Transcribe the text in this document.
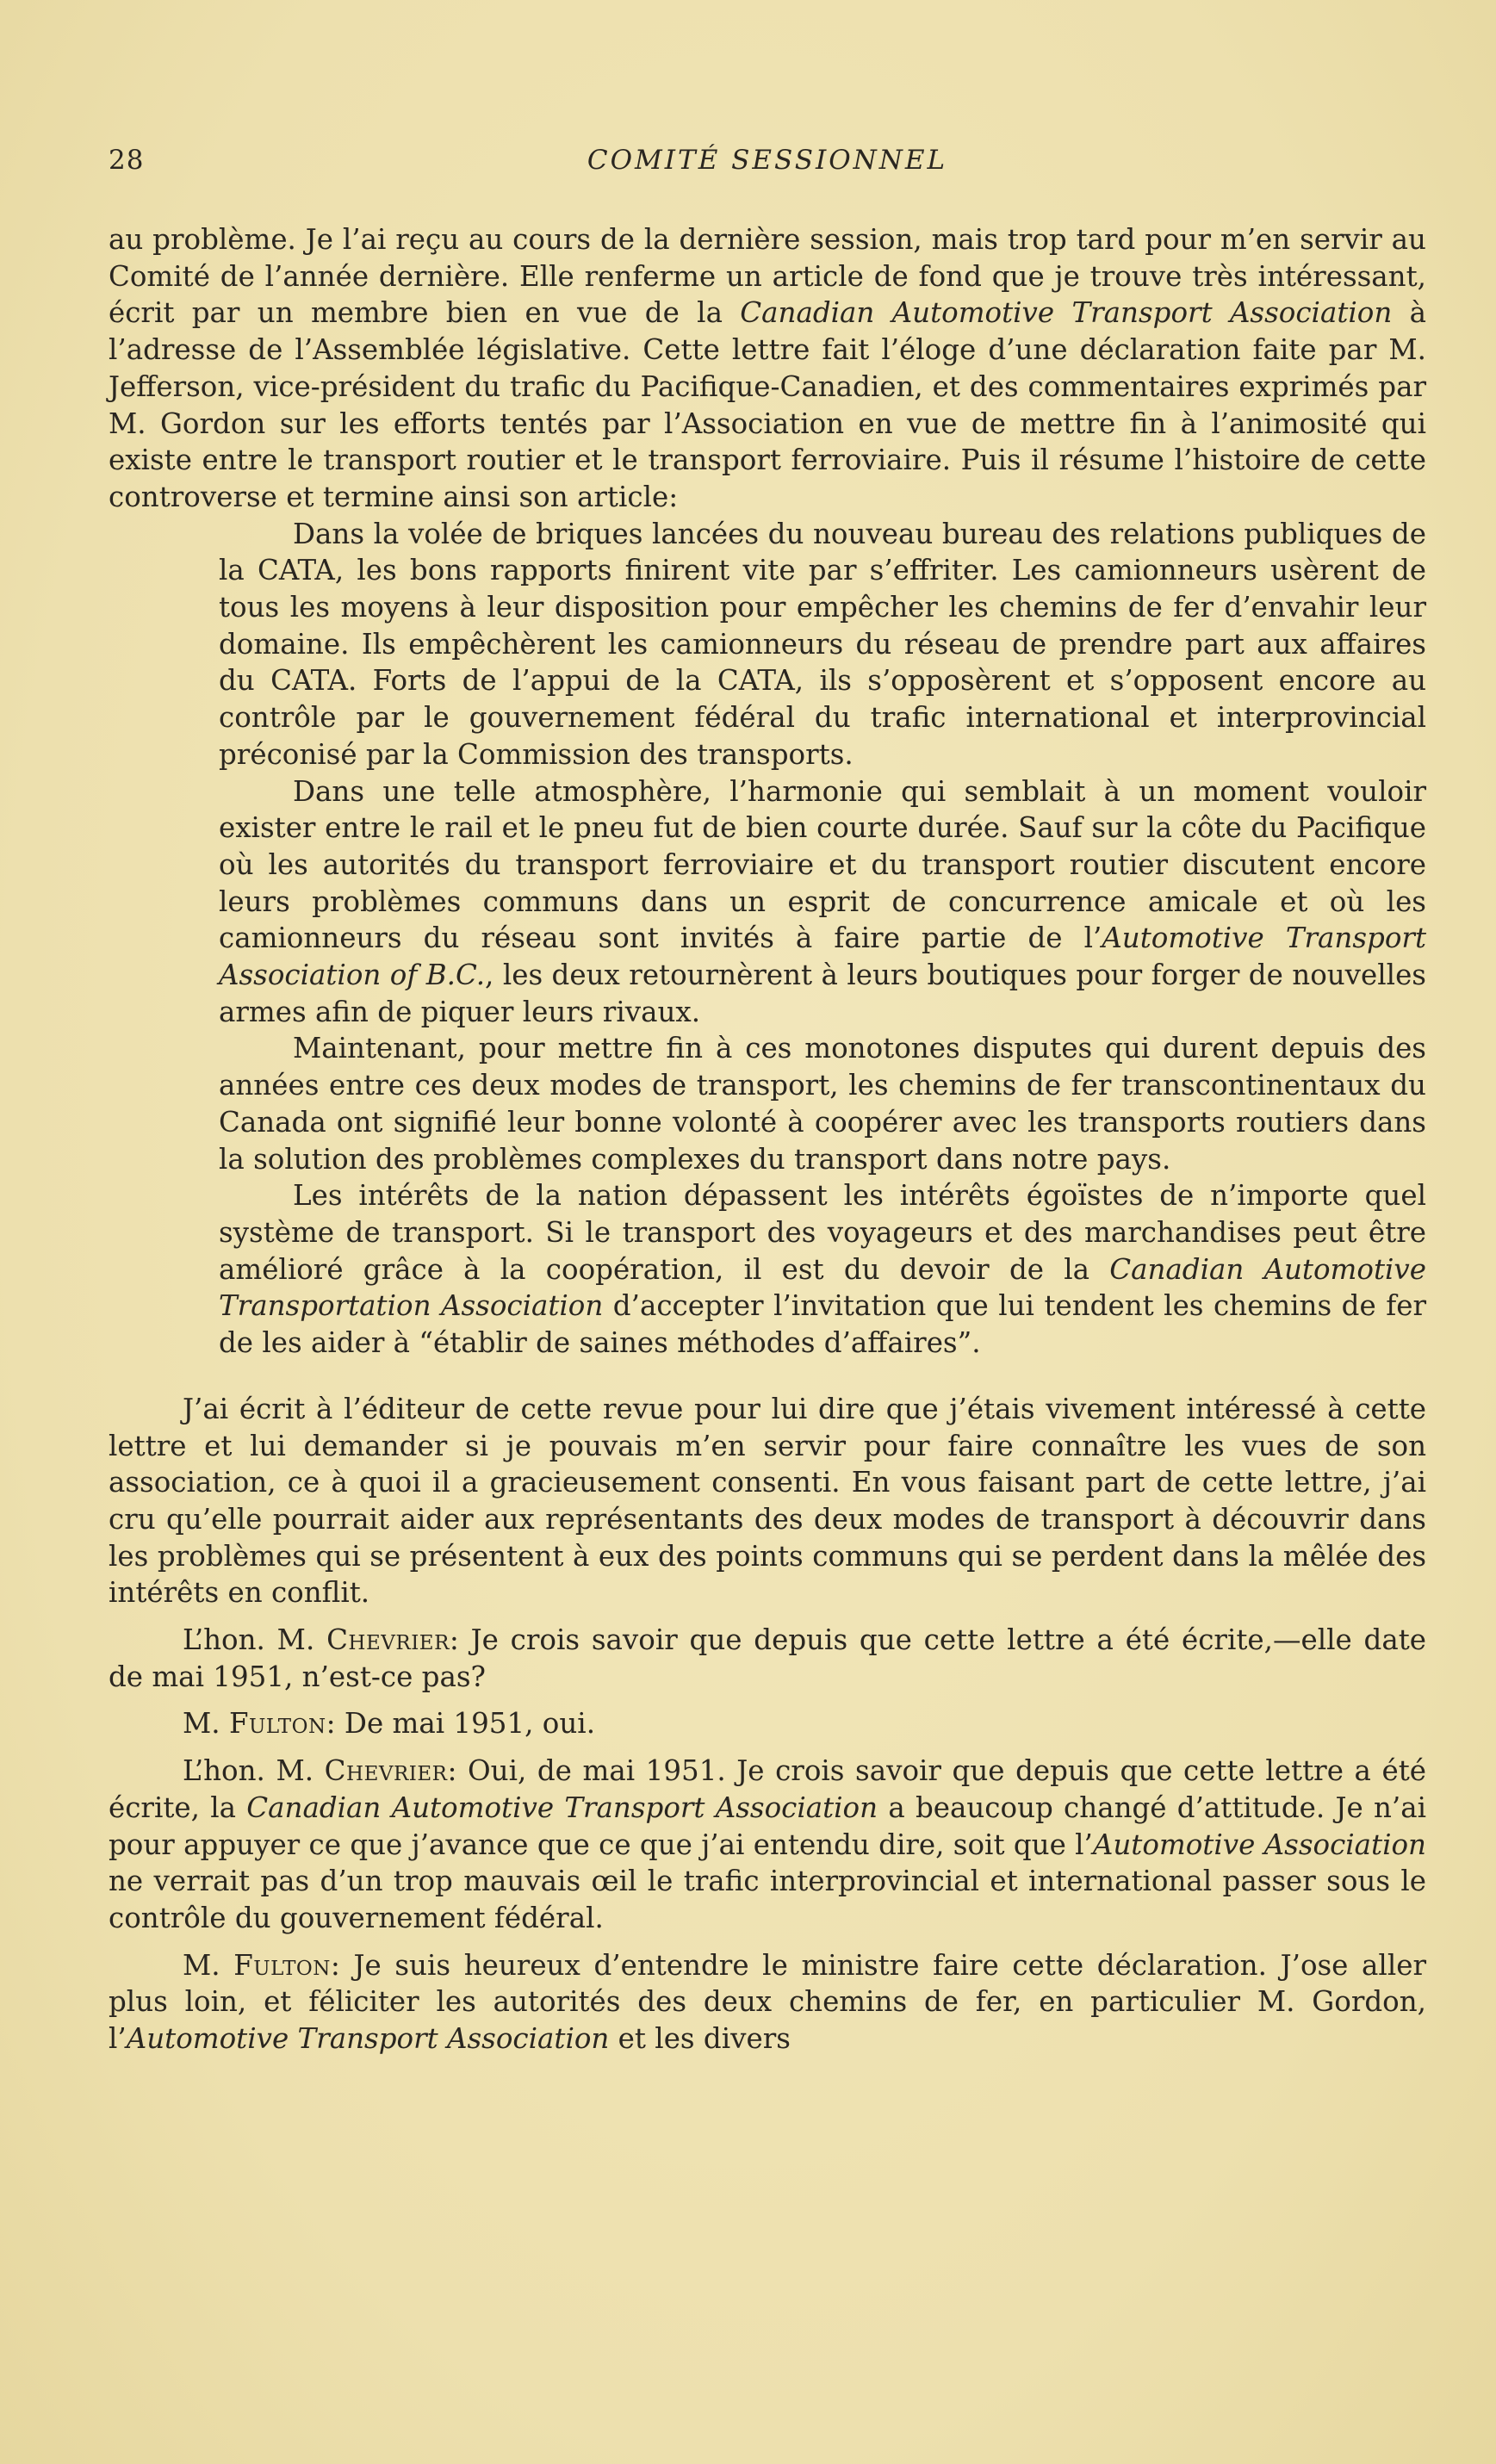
28	COMITÉ SESSIONNEL

au problème. Je l’ai reçu au cours de la dernière session, mais trop tard pour m’en servir au Comité de l’année dernière. Elle renferme un article de fond que je trouve très intéressant, écrit par un membre bien en vue de la Canadian Automotive Transport Association à l’adresse de l’Assemblée législative. Cette lettre fait l’éloge d’une déclaration faite par M. Jefferson, vice-président du trafic du Pacifique-Canadien, et des commentaires exprimés par M. Gordon sur les efforts tentés par l’Association en vue de mettre fin à l’animosité qui existe entre le transport routier et le transport ferroviaire. Puis il résume l’histoire de cette controverse et termine ainsi son article:

Dans la volée de briques lancées du nouveau bureau des relations publiques de la CATA, les bons rapports finirent vite par s’effriter. Les camionneurs usèrent de tous les moyens à leur disposition pour empêcher les chemins de fer d’envahir leur domaine. Ils empêchèrent les camionneurs du réseau de prendre part aux affaires du CATA. Forts de l’appui de la CATA, ils s’opposèrent et s’opposent encore au contrôle par le gouvernement fédéral du trafic international et interprovincial préconisé par la Commission des transports.

Dans une telle atmosphère, l’harmonie qui semblait à un moment vouloir exister entre le rail et le pneu fut de bien courte durée. Sauf sur la côte du Pacifique où les autorités du transport ferroviaire et du transport routier discutent encore leurs problèmes communs dans un esprit de concurrence amicale et où les camionneurs du réseau sont invités à faire partie de l’Automotive Transport Association of B.C., les deux retournèrent à leurs boutiques pour forger de nouvelles armes afin de piquer leurs rivaux.

Maintenant, pour mettre fin à ces monotones disputes qui durent depuis des années entre ces deux modes de transport, les chemins de fer transcontinentaux du Canada ont signifié leur bonne volonté à coopérer avec les transports routiers dans la solution des problèmes complexes du transport dans notre pays.

Les intérêts de la nation dépassent les intérêts égoïstes de n’importe quel système de transport. Si le transport des voyageurs et des marchandises peut être amélioré grâce à la coopération, il est du devoir de la Canadian Automotive Transportation Association d’accepter l’invitation que lui tendent les chemins de fer de les aider à “établir de saines méthodes d’affaires”.

J’ai écrit à l’éditeur de cette revue pour lui dire que j’étais vivement intéressé à cette lettre et lui demander si je pouvais m’en servir pour faire connaître les vues de son association, ce à quoi il a gracieusement consenti. En vous faisant part de cette lettre, j’ai cru qu’elle pourrait aider aux représentants des deux modes de transport à découvrir dans les problèmes qui se présentent à eux des points communs qui se perdent dans la mêlée des intérêts en conflit.

L’hon. M. Chevrier: Je crois savoir que depuis que cette lettre a été écrite,—elle date de mai 1951, n’est-ce pas?

M. Fulton: De mai 1951, oui.

L’hon. M. Chevrier: Oui, de mai 1951. Je crois savoir que depuis que cette lettre a été écrite, la Canadian Automotive Transport Association a beaucoup changé d’attitude. Je n’ai pour appuyer ce que j’avance que ce que j’ai entendu dire, soit que l’Automotive Association ne verrait pas d’un trop mauvais œil le trafic interprovincial et international passer sous le contrôle du gouvernement fédéral.

M. Fulton: Je suis heureux d’entendre le ministre faire cette déclaration. J’ose aller plus loin, et féliciter les autorités des deux chemins de fer, en particulier M. Gordon, l’Automotive Transport Association et les divers
